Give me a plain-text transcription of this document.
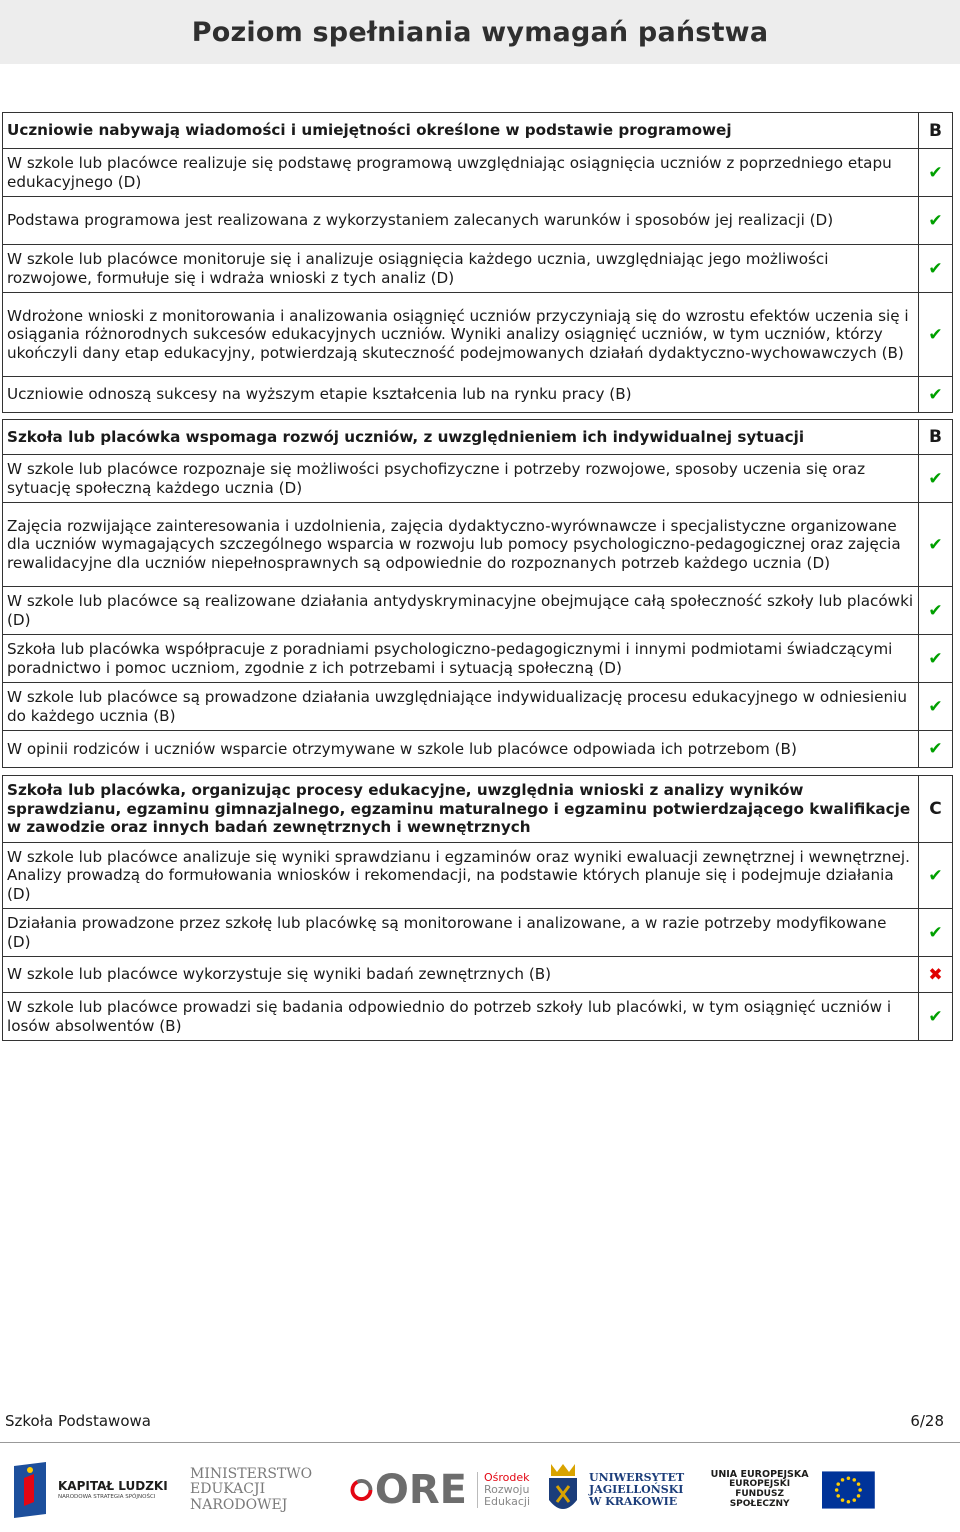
Poziom spełniania wymagań państwa
Uczniowie nabywają wiadomości i umiejętności określone w podstawie programowej	B
W szkole lub placówce realizuje się podstawę programową uwzględniając osiągnięcia uczniów z poprzedniego etapu edukacyjnego (D)	✔
Podstawa programowa jest realizowana z wykorzystaniem zalecanych warunków i sposobów jej realizacji (D)	✔
W szkole lub placówce monitoruje się i analizuje osiągnięcia każdego ucznia, uwzględniając jego możliwości rozwojowe, formułuje się i wdraża wnioski z tych analiz (D)	✔
Wdrożone wnioski z monitorowania i analizowania osiągnięć uczniów przyczyniają się do wzrostu efektów uczenia się i osiągania różnorodnych sukcesów edukacyjnych uczniów. Wyniki analizy osiągnięć uczniów, w tym uczniów, którzy ukończyli dany etap edukacyjny, potwierdzają skuteczność podejmowanych działań dydaktyczno-wychowawczych (B)	✔
Uczniowie odnoszą sukcesy na wyższym etapie kształcenia lub na rynku pracy (B)	✔
Szkoła lub placówka wspomaga rozwój uczniów, z uwzględnieniem ich indywidualnej sytuacji	B
W szkole lub placówce rozpoznaje się możliwości psychofizyczne i potrzeby rozwojowe, sposoby uczenia się oraz sytuację społeczną każdego ucznia (D)	✔
Zajęcia rozwijające zainteresowania i uzdolnienia, zajęcia dydaktyczno-wyrównawcze i specjalistyczne organizowane dla uczniów wymagających szczególnego wsparcia w rozwoju lub pomocy psychologiczno-pedagogicznej oraz zajęcia rewalidacyjne dla uczniów niepełnosprawnych są odpowiednie do rozpoznanych potrzeb każdego ucznia (D)	✔
W szkole lub placówce są realizowane działania antydyskryminacyjne obejmujące całą społeczność szkoły lub placówki (D)	✔
Szkoła lub placówka współpracuje z poradniami psychologiczno-pedagogicznymi i innymi podmiotami świadczącymi poradnictwo i pomoc uczniom, zgodnie z ich potrzebami i sytuacją społeczną (D)	✔
W szkole lub placówce są prowadzone działania uwzględniające indywidualizację procesu edukacyjnego w odniesieniu do każdego ucznia (B)	✔
W opinii rodziców i uczniów wsparcie otrzymywane w szkole lub placówce odpowiada ich potrzebom (B)	✔
Szkoła lub placówka, organizując procesy edukacyjne, uwzględnia wnioski z analizy wyników sprawdzianu, egzaminu gimnazjalnego, egzaminu maturalnego i egzaminu potwierdzającego kwalifikacje w zawodzie oraz innych badań zewnętrznych i wewnętrznych	C
W szkole lub placówce analizuje się wyniki sprawdzianu i egzaminów oraz wyniki ewaluacji zewnętrznej i wewnętrznej. Analizy prowadzą do formułowania wniosków i rekomendacji, na podstawie których planuje się i podejmuje działania (D)	✔
Działania prowadzone przez szkołę lub placówkę są monitorowane i analizowane, a w razie potrzeby modyfikowane (D)	✔
W szkole lub placówce wykorzystuje się wyniki badań zewnętrznych (B)	✖
W szkole lub placówce prowadzi się badania odpowiednio do potrzeb szkoły lub placówki, w tym osiągnięć uczniów i losów absolwentów (B)	✔
Szkoła Podstawowa	6/28
KAPITAŁ LUDZKI
NARODOWA STRATEGIA SPÓJNOŚCI
MINISTERSTWO
EDUKACJI
NARODOWEJ ORE Ośrodek
Rozwoju
Edukacji
UNIWERSYTET
JAGIELLOŃSKI
W KRAKOWIE
UNIA EUROPEJSKA
EUROPEJSKI
FUNDUSZ SPOŁECZNY
